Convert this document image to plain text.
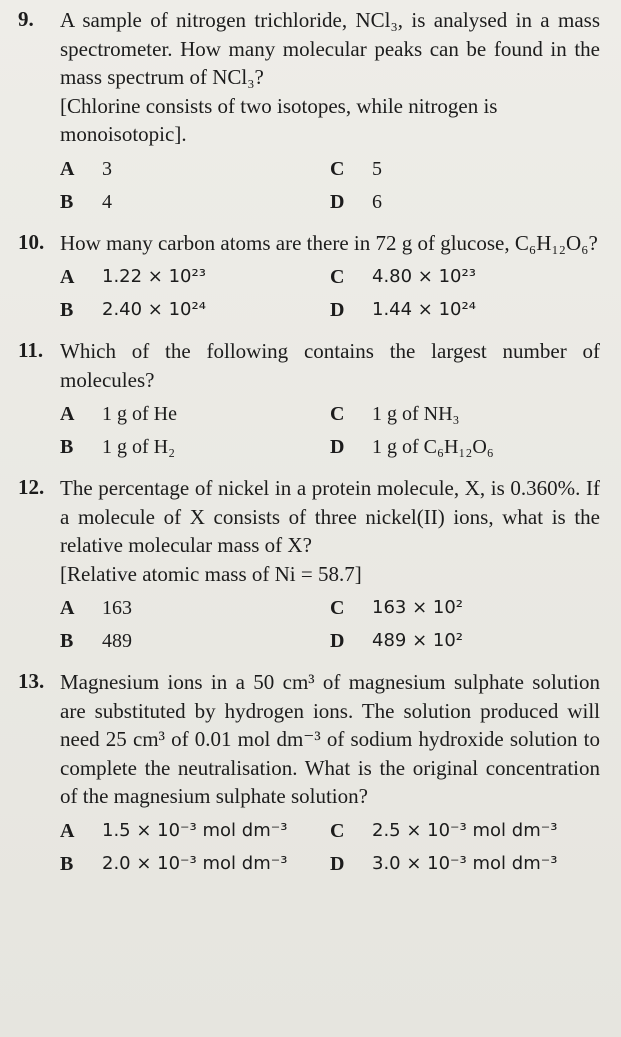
9.	A sample of nitrogen trichloride, NCl₃, is analysed in a mass spectrometer. How many molecular peaks can be found in the mass spectrum of NCl₃?
[Chlorine consists of two isotopes, while nitrogen is monoisotopic].
A	3	C	5
B	4	D	6
10. How many carbon atoms are there in 72 g of glucose, C₆H₁₂O₆?
A	1.22 × 10²³	C	4.80 × 10²³
B	2.40 × 10²⁴	D	1.44 × 10²⁴
11. Which of the following contains the largest number of molecules?
A	1 g of He	C	1 g of NH₃
B	1 g of H₂	D	1 g of C₆H₁₂O₆
12. The percentage of nickel in a protein molecule, X, is 0.360%. If a molecule of X consists of three nickel(II) ions, what is the relative molecular mass of X?
[Relative atomic mass of Ni = 58.7]
A	163	C	163 × 10²
B	489	D	489 × 10²
13. Magnesium ions in a 50 cm³ of magnesium sulphate solution are substituted by hydrogen ions. The solution produced will need 25 cm³ of 0.01 mol dm⁻³ of sodium hydroxide solution to complete the neutralisation. What is the original concentration of the magnesium sulphate solution?
A	1.5 × 10⁻³ mol dm⁻³	C	2.5 × 10⁻³ mol dm⁻³
B	2.0 × 10⁻³ mol dm⁻³	D	3.0 × 10⁻³ mol dm⁻³
